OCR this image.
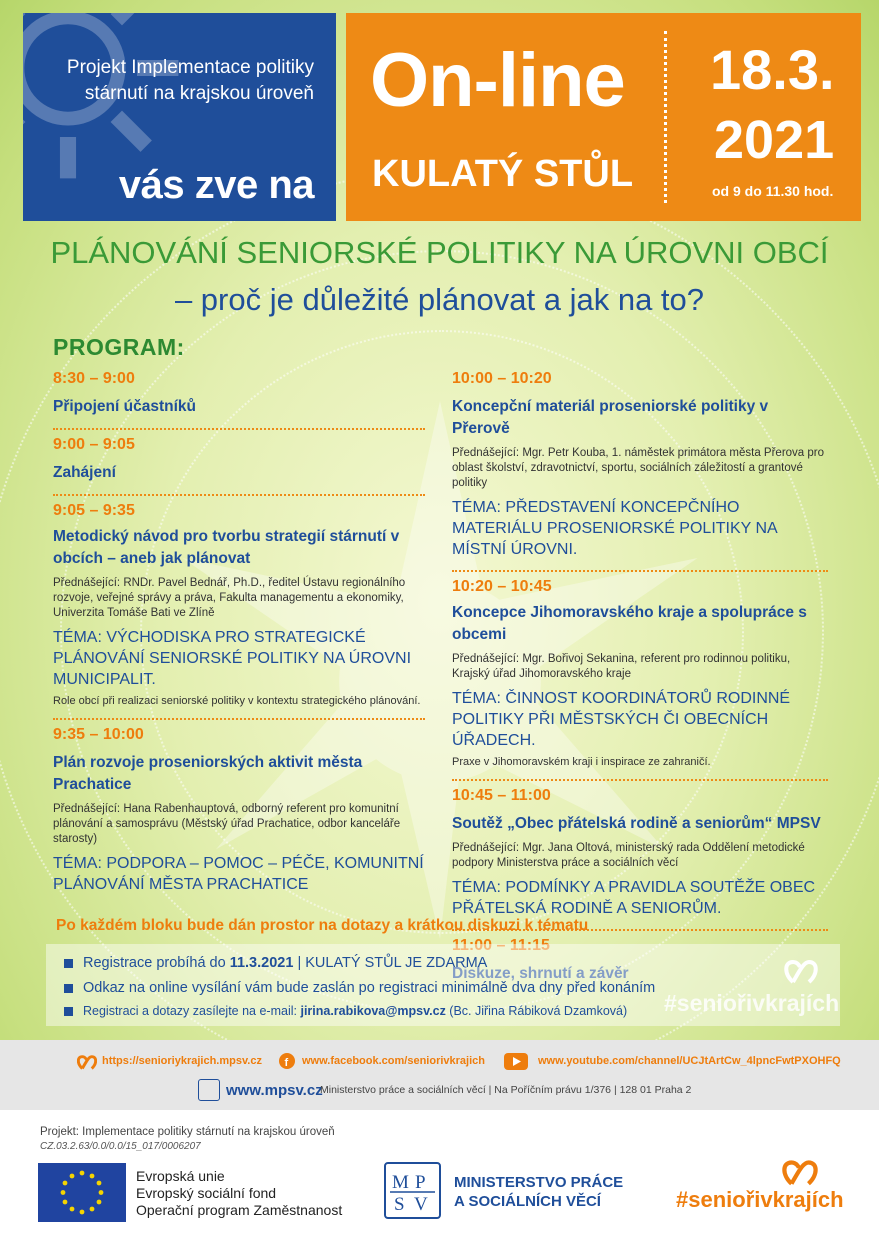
Projekt Implementace politiky
stárnutí na krajskou úroveň
vás zve na
On-line
KULATÝ STŮL
18.3.
2021
od 9 do 11.30 hod.
PLÁNOVÁNÍ SENIORSKÉ POLITIKY NA ÚROVNI OBCÍ
– proč je důležité plánovat a jak na to?
PROGRAM:
8:30 – 9:00
Připojení účastníků
9:00 – 9:05
Zahájení
9:05 – 9:35
Metodický návod pro tvorbu strategií stárnutí v obcích – aneb jak plánovat
Přednášející: RNDr. Pavel Bednář, Ph.D., ředitel Ústavu regionálního rozvoje, veřejné správy a práva, Fakulta managementu a ekonomiky, Univerzita Tomáše Bati ve Zlíně
TÉMA: VÝCHODISKA PRO STRATEGICKÉ PLÁNOVÁNÍ SENIORSKÉ POLITIKY NA ÚROVNI MUNICIPALIT.
Role obcí při realizaci seniorské politiky v kontextu strategického plánování.
9:35 – 10:00
Plán rozvoje proseniorských aktivit města Prachatice
Přednášející: Hana Rabenhauptová, odborný referent pro komunitní plánování a samosprávu (Městský úřad Prachatice, odbor kanceláře starosty)
TÉMA: PODPORA – POMOC – PÉČE, KOMUNITNÍ PLÁNOVÁNÍ MĚSTA PRACHATICE
10:00 – 10:20
Koncepční materiál proseniorské politiky v Přerově
Přednášející: Mgr. Petr Kouba, 1. náměstek primátora města Přerova pro oblast školství, zdravotnictví, sportu, sociálních záležitostí a grantové politiky
TÉMA: PŘEDSTAVENÍ KONCEPČNÍHO MATERIÁLU PROSENIORSKÉ POLITIKY NA MÍSTNÍ ÚROVNI.
10:20 – 10:45
Koncepce Jihomoravského kraje a spolupráce s obcemi
Přednášející: Mgr. Bořivoj Sekanina, referent pro rodinnou politiku, Krajský úřad Jihomoravského kraje
TÉMA: ČINNOST KOORDINÁTORŮ RODINNÉ POLITIKY PŘI MĚSTSKÝCH ČI OBECNÍCH ÚŘADECH.
Praxe v Jihomoravském kraji i inspirace ze zahraničí.
10:45 – 11:00
Soutěž „Obec přátelská rodině a seniorům“ MPSV
Přednášející: Mgr. Jana Oltová, ministerský rada Oddělení metodické podpory Ministerstva práce a sociálních věcí
TÉMA: PODMÍNKY A PRAVIDLA SOUTĚŽE OBEC PŘÁTELSKÁ RODINĚ A SENIORŮM.
11:00 – 11:15
Diskuze, shrnutí a závěr
Po každém bloku bude dán prostor na dotazy a krátkou diskuzi k tématu
Registrace probíhá do 11.3.2021 | KULATÝ STŮL JE ZDARMA
Odkaz na online vysílání vám bude zaslán po registraci minimálně dva dny před konáním
Registraci a dotazy zasílejte na e-mail: jirina.rabikova@mpsv.cz (Bc. Jiřina Rábiková Dzamková) #seniořivkrajích
https://senioriykrajich.mpsv.cz f www.facebook.com/seniorivkrajich	www.youtube.com/channel/UCJtArtCw_4lpncFwtPXOHFQ
www.mpsv.cz
Ministerstvo práce a sociálních věcí | Na Poříčním právu 1/376 | 128 01 Praha 2
Projekt: Implementace politiky stárnutí na krajskou úroveň
CZ.03.2.63/0.0/0.0/15_017/0006207
Evropská unie
Evropský sociální fond
Operační program Zaměstnanost
M P
S V
MINISTERSTVO PRÁCE
A SOCIÁLNÍCH VĚCÍ	#seniořivkrajích
